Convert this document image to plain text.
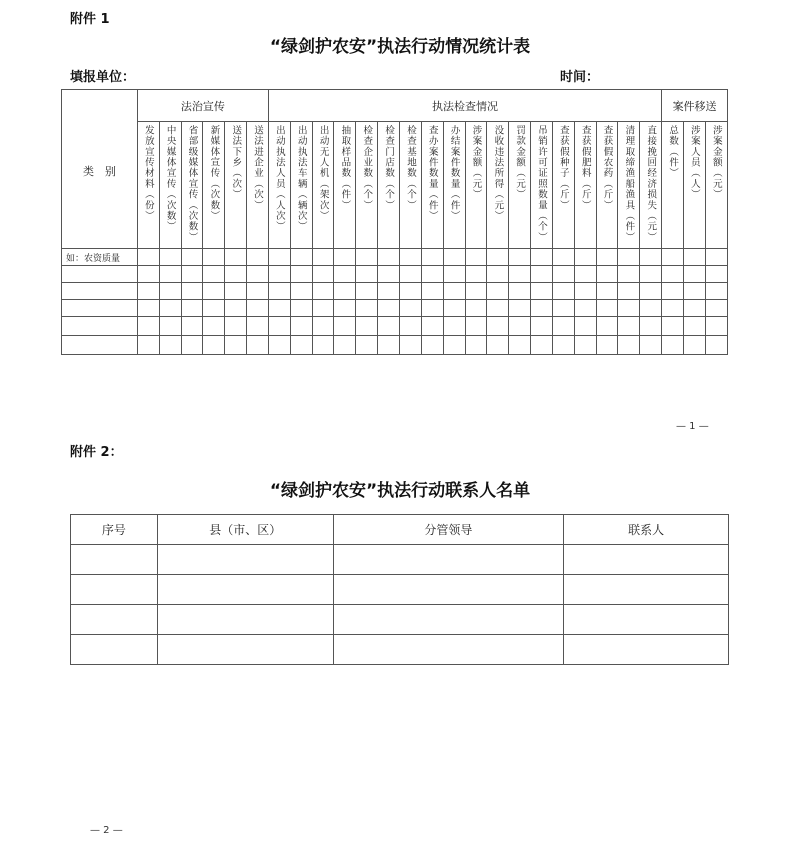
附件 1
“绿剑护农安”执法行动情况统计表
填报单位：	时间：
类　别	法治宣传						执法检查情况																		案件移送		

	发放宣传材料（份）	中央媒体宣传（次数）	省部级媒体宣传（次数）	新媒体宣传（次数）	送法下乡（次）	送法进企业（次）	出动执法人员（人次）	出动执法车辆（辆次）	出动无人机（架次）	抽取样品数（件）	检查企业数（个）	检查门店数（个）	检查基地数（个）	查办案件数量（件）	办结案件数量（件）	涉案金额（元）	没收违法所得（元）	罚款金额（元）	吊销许可证照数量（个）	查获假种子（斤）	查获假肥料（斤）	查获假农药（斤）	清理取缔渔船渔具（件）	直接挽回经济损失（元）	总数（件）	涉案人员（人）	涉案金额（元）

如：农资质量																											

— 1 —
附件 2：
“绿剑护农安”执法行动联系人名单
序号	县（市、区）	分管领导	联系人

— 2 —
